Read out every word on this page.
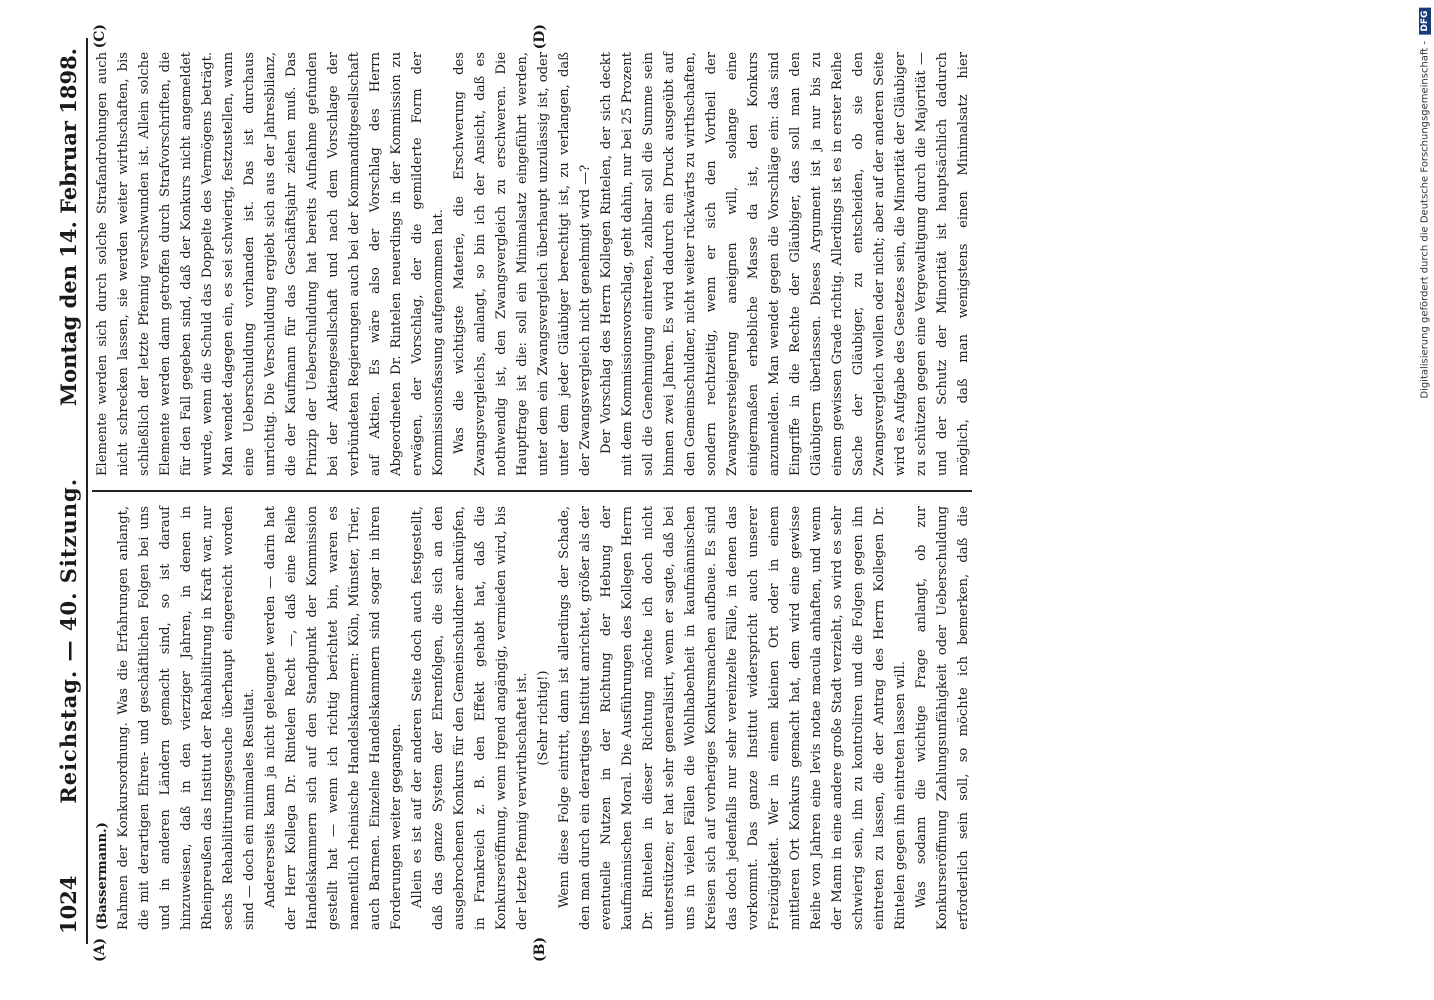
1024
Reichstag. — 40. Sitzung.
Montag den 14. Februar 1898.

(Bassermann.) Rahmen der Konkursordnung. Was die Erfahrungen anlangt, die mit derartigen Ehren- und geschäftlichen Folgen bei uns und in anderen Ländern gemacht sind, so ist darauf hinzuweisen, daß in den vierziger Jahren, in denen in Rheinpreußen das Institut der Rehabilitirung in Kraft war, nur sechs Rehabilitirungsgesuche überhaupt eingereicht worden sind — doch ein minimales Resultat. Andererseits kann ja nicht geleugnet werden — darin hat der Herr Kollega Dr. Rintelen Recht —, daß eine Reihe Handelskammern sich auf den Standpunkt der Kommission gestellt hat — wenn ich richtig berichtet bin, waren es namentlich rheinische Handelskammern: Köln, Münster, Trier, auch Barmen. Einzelne Handelskammern sind sogar in ihren Forderungen weiter gegangen. Allein es ist auf der anderen Seite doch auch festgestellt, daß das ganze System der Ehrenfolgen, die sich an den ausgebrochenen Konkurs für den Gemeinschuldner anknüpfen, in Frankreich z. B. den Effekt gehabt hat, daß die Konkurseröffnung, wenn irgend angängig, vermieden wird, bis der letzte Pfennig verwirthschaftet ist. (Sehr richtig!) Wenn diese Folge eintritt, dann ist allerdings der Schade, den man durch ein derartiges Institut anrichtet, größer als der eventuelle Nutzen in der Richtung der Hebung der kaufmännischen Moral. Die Ausführungen des Kollegen Herrn Dr. Rintelen in dieser Richtung möchte ich doch nicht unterstützen; er hat sehr generalisirt, wenn er sagte, daß bei uns in vielen Fällen die Wohlhabenheit in kaufmännischen Kreisen sich auf vorheriges Konkursmachen aufbaue. Es sind das doch jedenfalls nur sehr vereinzelte Fälle, in denen das vorkommt. Das ganze Institut widerspricht auch unserer Freizügigkeit. Wer in einem kleinen Ort oder in einem mittleren Ort Konkurs gemacht hat, dem wird eine gewisse Reihe von Jahren eine levis notae macula anhaften, und wenn der Mann in eine andere große Stadt verzieht, so wird es sehr schwierig sein, ihn zu kontroliren und die Folgen gegen ihn eintreten zu lassen, die der Antrag des Herrn Kollegen Dr. Rintelen gegen ihn eintreten lassen will. Was sodann die wichtige Frage anlangt, ob zur Konkurseröffnung Zahlungsunfähigkeit oder Ueberschuldung erforderlich sein soll, so möchte ich bemerken, daß die

Elemente werden sich durch solche Strafandrohungen auch nicht schrecken lassen, sie werden weiter wirthschaften, bis schließlich der letzte Pfennig verschwunden ist. Allein solche Elemente werden dann getroffen durch Strafvorschriften, die für den Fall gegeben sind, daß der Konkurs nicht angemeldet wurde, wenn die Schuld das Doppelte des Vermögens beträgt. Man wendet dagegen ein, es sei schwierig, festzustellen, wann eine Ueberschuldung vorhanden ist. Das ist durchaus unrichtig. Die Verschuldung ergiebt sich aus der Jahresbilanz, die der Kaufmann für das Geschäftsjahr ziehen muß. Das Prinzip der Ueberschuldung hat bereits Aufnahme gefunden bei der Aktiengesellschaft und nach dem Vorschlage der verbündeten Regierungen auch bei der Kommanditgesellschaft auf Aktien. Es wäre also der Vorschlag des Herrn Abgeordneten Dr. Rintelen neuerdings in der Kommission zu erwägen, der Vorschlag, der die gemilderte Form der Kommissionsfassung aufgenommen hat. Was die wichtigste Materie, die Erschwerung des Zwangsvergleichs, anlangt, so bin ich der Ansicht, daß es nothwendig ist, den Zwangsvergleich zu erschweren. Die Hauptfrage ist die: soll ein Minimalsatz eingeführt werden, unter dem ein Zwangsvergleich überhaupt unzulässig ist, oder unter dem jeder Gläubiger berechtigt ist, zu verlangen, daß der Zwangsvergleich nicht genehmigt wird —? Der Vorschlag des Herrn Kollegen Rintelen, der sich deckt mit dem Kommissionsvorschlag, geht dahin, nur bei 25 Prozent soll die Genehmigung eintreten, zahlbar soll die Summe sein binnen zwei Jahren. Es wird dadurch ein Druck ausgeübt auf den Gemeinschuldner, nicht weiter rückwärts zu wirthschaften, sondern rechtzeitig, wenn er sich den Vortheil der Zwangsversteigerung aneignen will, solange eine einigermaßen erhebliche Masse da ist, den Konkurs anzumelden. Man wendet gegen die Vorschläge ein: das sind Eingriffe in die Rechte der Gläubiger, das soll man den Gläubigern überlassen. Dieses Argument ist ja nur bis zu einem gewissen Grade richtig. Allerdings ist es in erster Reihe Sache der Gläubiger, zu entscheiden, ob sie den Zwangsvergleich wollen oder nicht; aber auf der anderen Seite wird es Aufgabe des Gesetzes sein, die Minorität der Gläubiger zu schützen gegen eine Vergewaltigung durch die Majorität — und der Schutz der Minorität ist hauptsächlich dadurch möglich, daß man wenigstens einen Minimalsatz hier

(A)	(B)
(C)	(D)
Digitalisierung gefördert durch die Deutsche Forschungsgemeinschaft -
DFG
